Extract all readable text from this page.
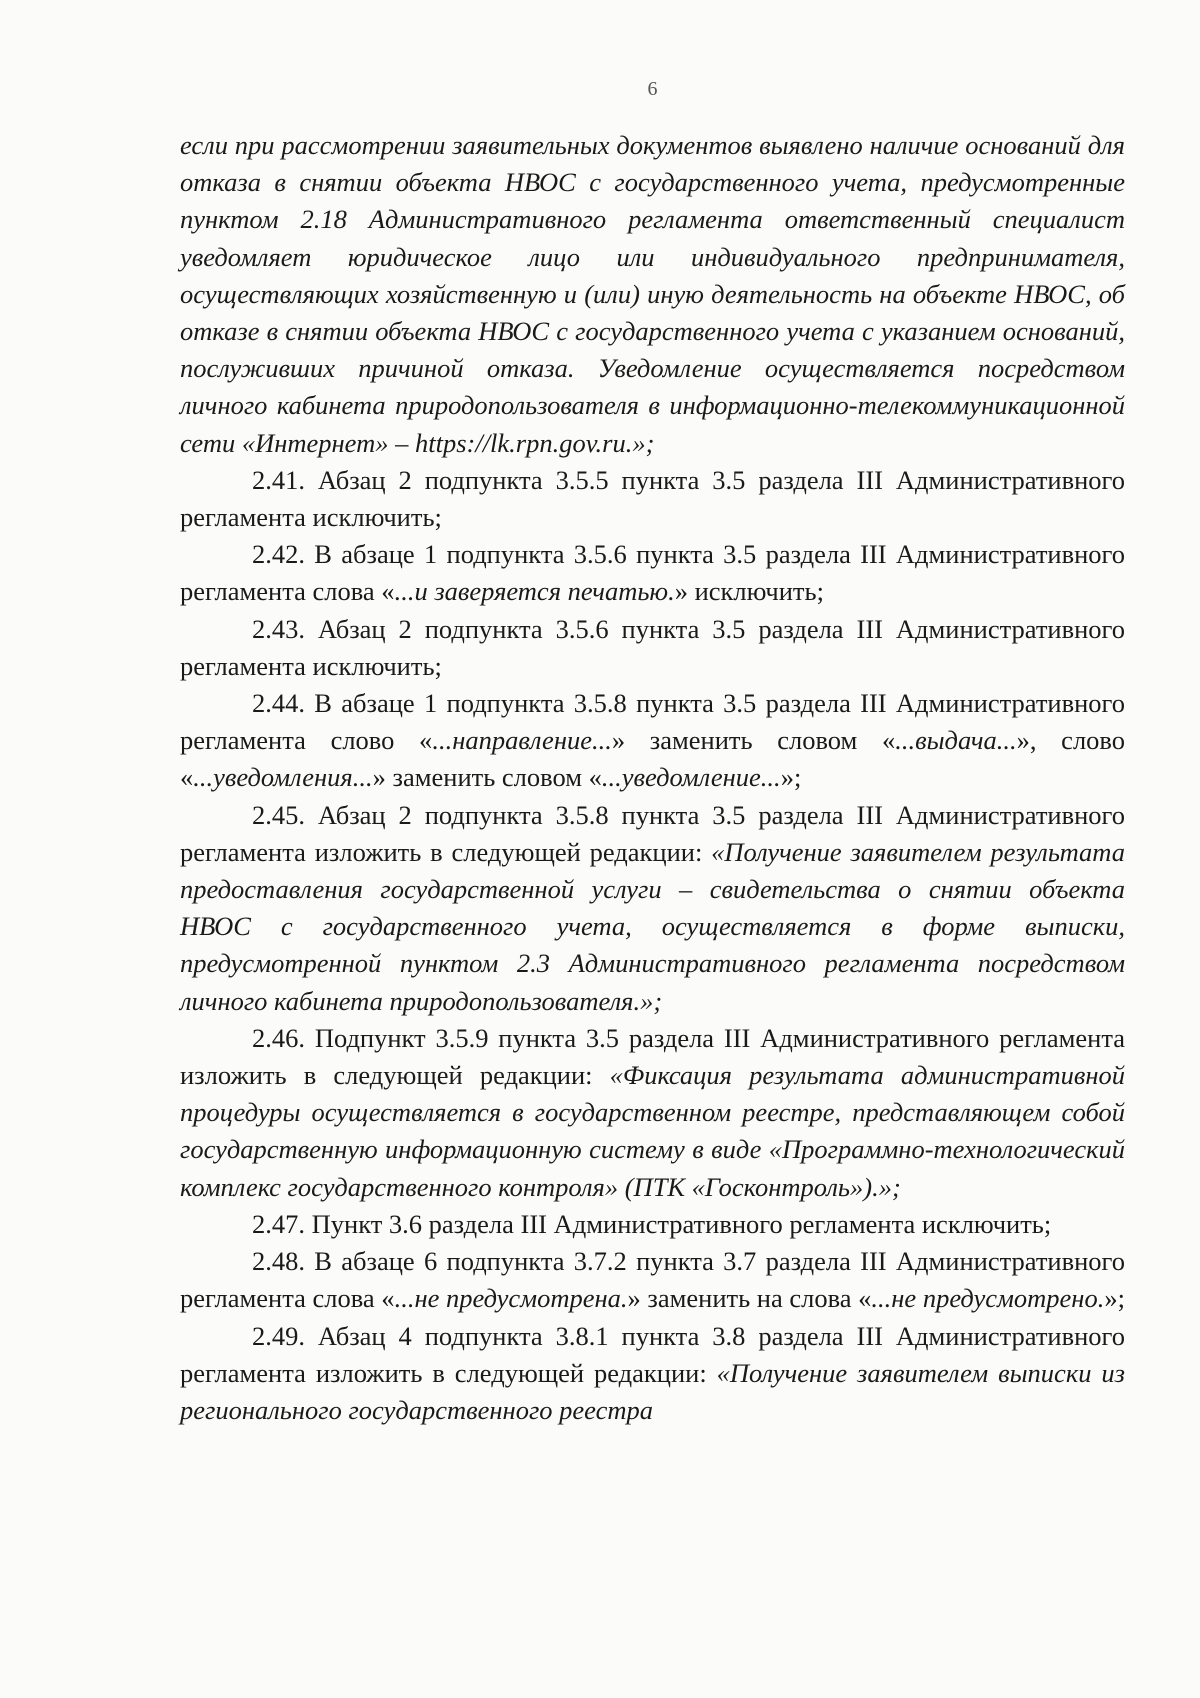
6

если при рассмотрении заявительных документов выявлено наличие оснований для отказа в снятии объекта НВОС с государственного учета, предусмотренные пунктом 2.18 Административного регламента ответственный специалист уведомляет юридическое лицо или индивидуального предпринимателя, осуществляющих хозяйственную и (или) иную деятельность на объекте НВОС, об отказе в снятии объекта НВОС с государственного учета с указанием оснований, послуживших причиной отказа. Уведомление осуществляется посредством личного кабинета природопользователя в информационно-телекоммуникационной сети «Интернет» – https://lk.rpn.gov.ru.»;

2.41. Абзац 2 подпункта 3.5.5 пункта 3.5 раздела III Административного регламента исключить;

2.42. В абзаце 1 подпункта 3.5.6 пункта 3.5 раздела III Административного регламента слова «...и заверяется печатью.» исключить;

2.43. Абзац 2 подпункта 3.5.6 пункта 3.5 раздела III Административного регламента исключить;

2.44. В абзаце 1 подпункта 3.5.8 пункта 3.5 раздела III Административного регламента слово «...направление...» заменить словом «...выдача...», слово «...уведомления...» заменить словом «...уведомление...»;

2.45. Абзац 2 подпункта 3.5.8 пункта 3.5 раздела III Административного регламента изложить в следующей редакции: «Получение заявителем результата предоставления государственной услуги – свидетельства о снятии объекта НВОС с государственного учета, осуществляется в форме выписки, предусмотренной пунктом 2.3 Административного регламента посредством личного кабинета природопользователя.»;

2.46. Подпункт 3.5.9 пункта 3.5 раздела III Административного регламента изложить в следующей редакции: «Фиксация результата административной процедуры осуществляется в государственном реестре, представляющем собой государственную информационную систему в виде «Программно-технологический комплекс государственного контроля» (ПТК «Госконтроль»).»;

2.47. Пункт 3.6 раздела III Административного регламента исключить;

2.48. В абзаце 6 подпункта 3.7.2 пункта 3.7 раздела III Административного регламента слова «...не предусмотрена.» заменить на слова «...не предусмотрено.»;

2.49. Абзац 4 подпункта 3.8.1 пункта 3.8 раздела III Административного регламента изложить в следующей редакции: «Получение заявителем выписки из регионального государственного реестра
